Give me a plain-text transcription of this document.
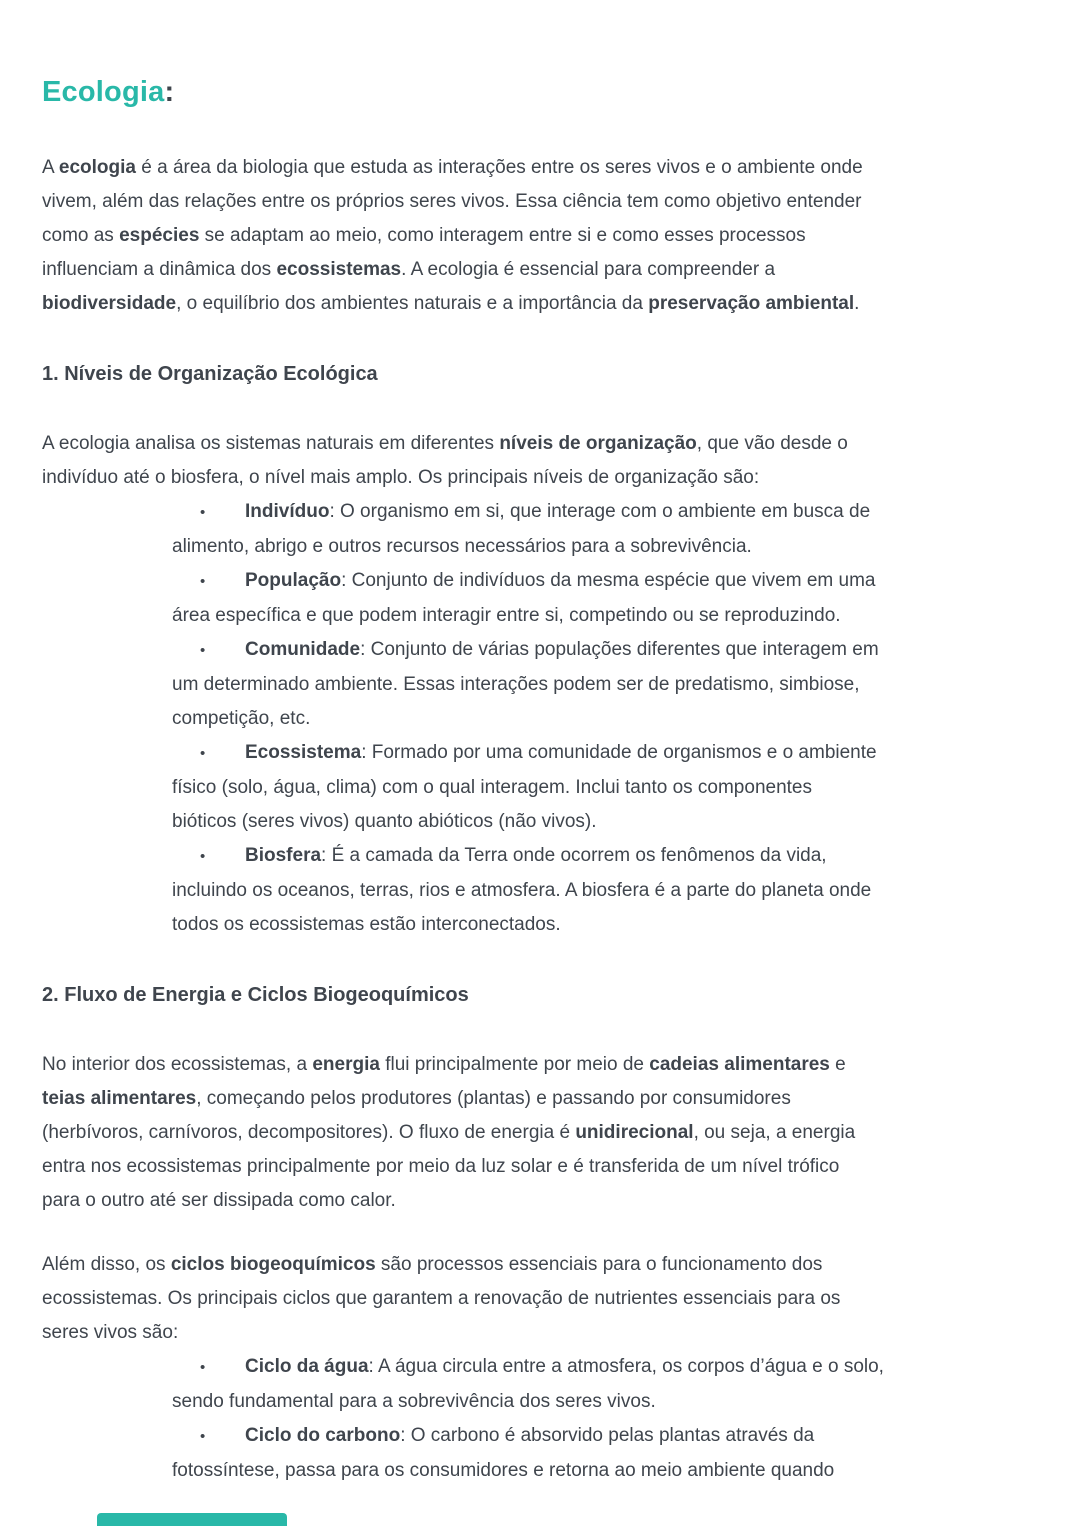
Ecologia:
A ecologia é a área da biologia que estuda as interações entre os seres vivos e o ambiente onde
vivem, além das relações entre os próprios seres vivos. Essa ciência tem como objetivo entender
como as espécies se adaptam ao meio, como interagem entre si e como esses processos
influenciam a dinâmica dos ecossistemas. A ecologia é essencial para compreender a
biodiversidade, o equilíbrio dos ambientes naturais e a importância da preservação ambiental.
1. Níveis de Organização Ecológica
A ecologia analisa os sistemas naturais em diferentes níveis de organização, que vão desde o
indivíduo até o biosfera, o nível mais amplo. Os principais níveis de organização são:
• Indivíduo: O organismo em si, que interage com o ambiente em busca de
alimento, abrigo e outros recursos necessários para a sobrevivência.
• População: Conjunto de indivíduos da mesma espécie que vivem em uma
área específica e que podem interagir entre si, competindo ou se reproduzindo.
• Comunidade: Conjunto de várias populações diferentes que interagem em
um determinado ambiente. Essas interações podem ser de predatismo, simbiose,
competição, etc.
• Ecossistema: Formado por uma comunidade de organismos e o ambiente
físico (solo, água, clima) com o qual interagem. Inclui tanto os componentes
bióticos (seres vivos) quanto abióticos (não vivos).
• Biosfera: É a camada da Terra onde ocorrem os fenômenos da vida,
incluindo os oceanos, terras, rios e atmosfera. A biosfera é a parte do planeta onde
todos os ecossistemas estão interconectados.
2. Fluxo de Energia e Ciclos Biogeoquímicos
No interior dos ecossistemas, a energia flui principalmente por meio de cadeias alimentares e
teias alimentares, começando pelos produtores (plantas) e passando por consumidores
(herbívoros, carnívoros, decompositores). O fluxo de energia é unidirecional, ou seja, a energia
entra nos ecossistemas principalmente por meio da luz solar e é transferida de um nível trófico
para o outro até ser dissipada como calor.
Além disso, os ciclos biogeoquímicos são processos essenciais para o funcionamento dos
ecossistemas. Os principais ciclos que garantem a renovação de nutrientes essenciais para os
seres vivos são:
• Ciclo da água: A água circula entre a atmosfera, os corpos d’água e o solo,
sendo fundamental para a sobrevivência dos seres vivos.
• Ciclo do carbono: O carbono é absorvido pelas plantas através da
fotossíntese, passa para os consumidores e retorna ao meio ambiente quando
